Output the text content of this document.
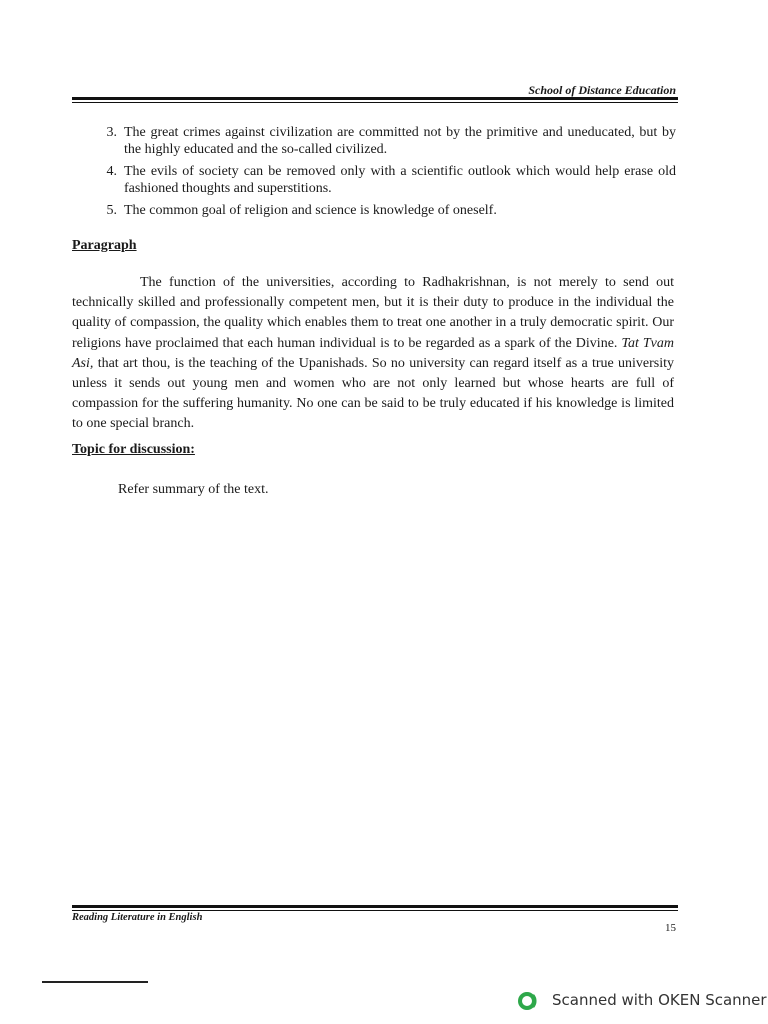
School of Distance Education
3. The great crimes against civilization are committed not by the primitive and uneducated, but by the highly educated and the so-called civilized.
4. The evils of society can be removed only with a scientific outlook which would help erase old fashioned thoughts and superstitions.
5. The common goal of religion and science is knowledge of oneself.
Paragraph
The function of the universities, according to Radhakrishnan, is not merely to send out technically skilled and professionally competent men, but it is their duty to produce in the individual the quality of compassion, the quality which enables them to treat one another in a truly democratic spirit. Our religions have proclaimed that each human individual is to be regarded as a spark of the Divine. Tat Tvam Asi, that art thou, is the teaching of the Upanishads. So no university can regard itself as a true university unless it sends out young men and women who are not only learned but whose hearts are full of compassion for the suffering humanity. No one can be said to be truly educated if his knowledge is limited to one special branch.
Topic for discussion:
Refer summary of the text.
Reading Literature in English
15
Scanned with OKEN Scanner
